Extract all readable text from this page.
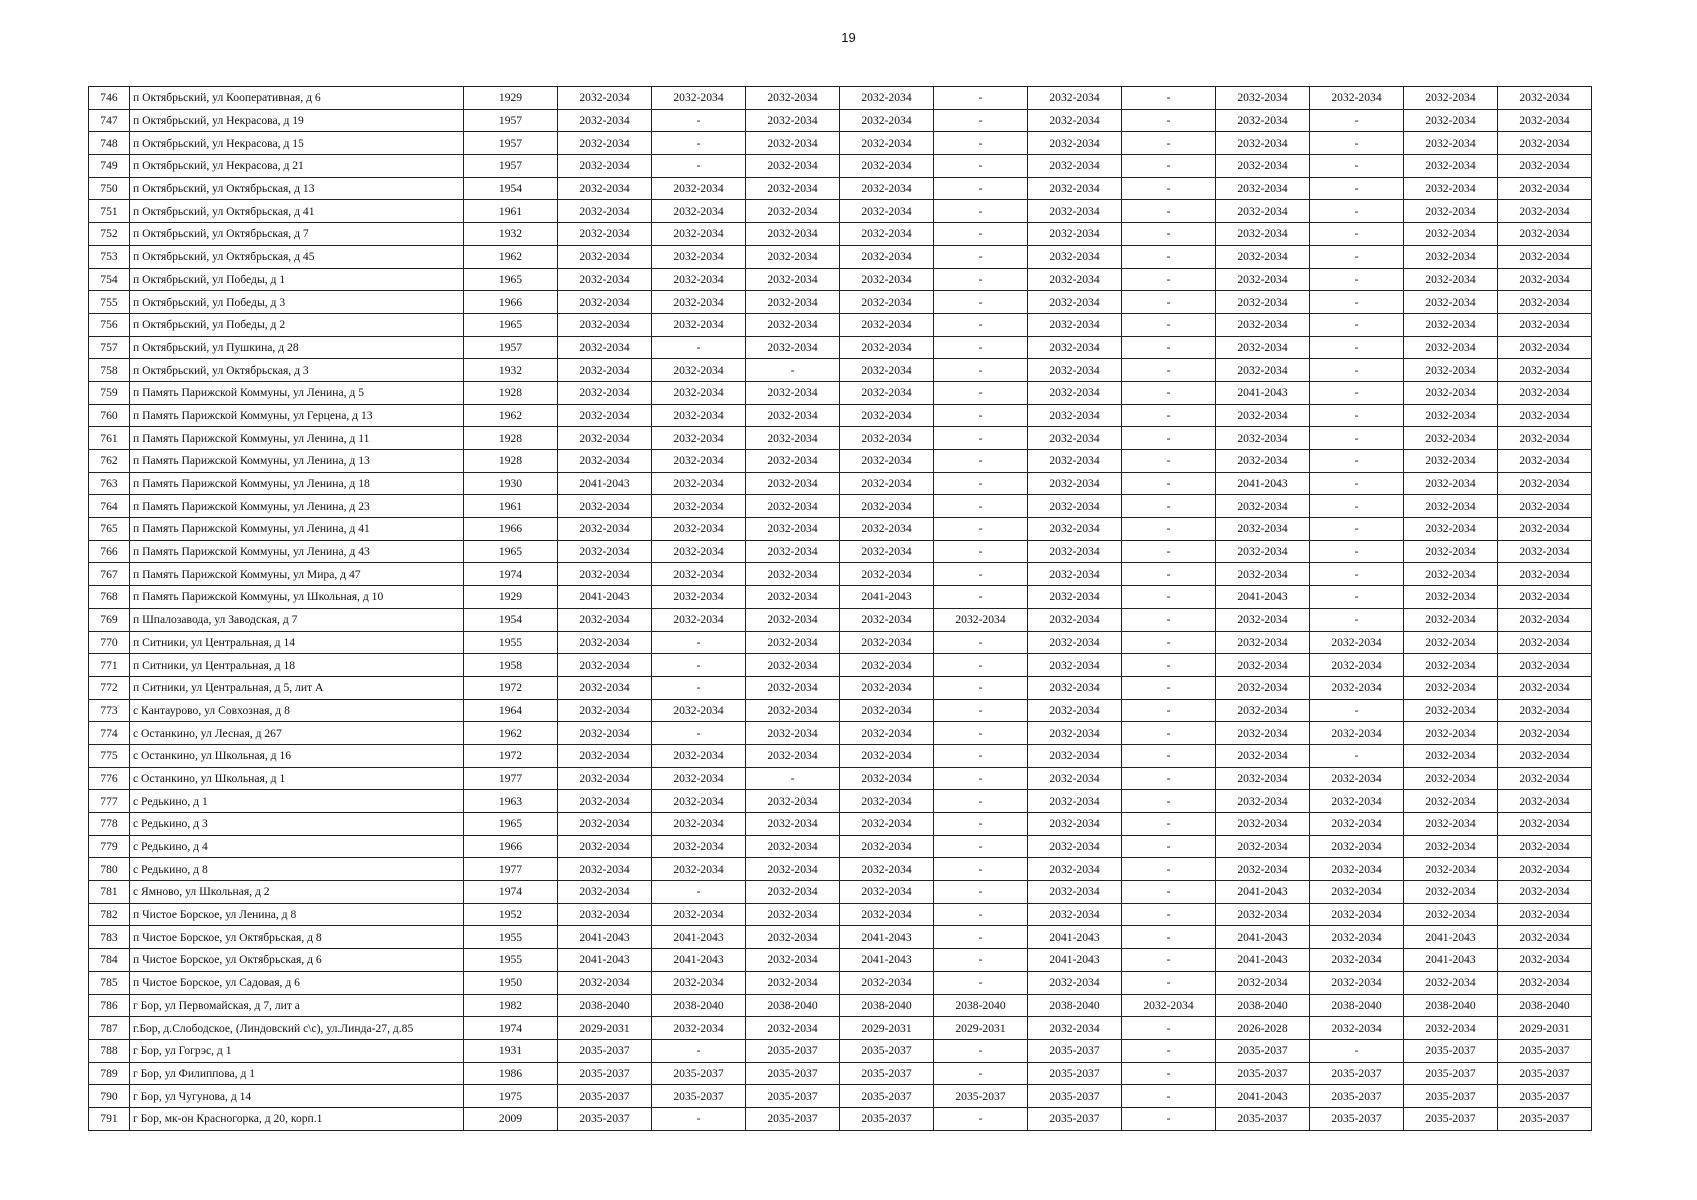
19
746	п Октябрьский, ул Кооперативная, д 6	1929	2032-2034	2032-2034	2032-2034	2032-2034	-	2032-2034	-	2032-2034	2032-2034	2032-2034	2032-2034
747	п Октябрьский, ул Некрасова, д 19	1957	2032-2034	-	2032-2034	2032-2034	-	2032-2034	-	2032-2034	-	2032-2034	2032-2034
748	п Октябрьский, ул Некрасова, д 15	1957	2032-2034	-	2032-2034	2032-2034	-	2032-2034	-	2032-2034	-	2032-2034	2032-2034
749	п Октябрьский, ул Некрасова, д 21	1957	2032-2034	-	2032-2034	2032-2034	-	2032-2034	-	2032-2034	-	2032-2034	2032-2034
750	п Октябрьский, ул Октябрьская, д 13	1954	2032-2034	2032-2034	2032-2034	2032-2034	-	2032-2034	-	2032-2034	-	2032-2034	2032-2034
751	п Октябрьский, ул Октябрьская, д 41	1961	2032-2034	2032-2034	2032-2034	2032-2034	-	2032-2034	-	2032-2034	-	2032-2034	2032-2034
752	п Октябрьский, ул Октябрьская, д 7	1932	2032-2034	2032-2034	2032-2034	2032-2034	-	2032-2034	-	2032-2034	-	2032-2034	2032-2034
753	п Октябрьский, ул Октябрьская, д 45	1962	2032-2034	2032-2034	2032-2034	2032-2034	-	2032-2034	-	2032-2034	-	2032-2034	2032-2034
754	п Октябрьский, ул Победы, д 1	1965	2032-2034	2032-2034	2032-2034	2032-2034	-	2032-2034	-	2032-2034	-	2032-2034	2032-2034
755	п Октябрьский, ул Победы, д 3	1966	2032-2034	2032-2034	2032-2034	2032-2034	-	2032-2034	-	2032-2034	-	2032-2034	2032-2034
756	п Октябрьский, ул Победы, д 2	1965	2032-2034	2032-2034	2032-2034	2032-2034	-	2032-2034	-	2032-2034	-	2032-2034	2032-2034
757	п Октябрьский, ул Пушкина, д 28	1957	2032-2034	-	2032-2034	2032-2034	-	2032-2034	-	2032-2034	-	2032-2034	2032-2034
758	п Октябрьский, ул Октябрьская, д 3	1932	2032-2034	2032-2034	-	2032-2034	-	2032-2034	-	2032-2034	-	2032-2034	2032-2034
759	п Память Парижской Коммуны, ул Ленина, д 5	1928	2032-2034	2032-2034	2032-2034	2032-2034	-	2032-2034	-	2041-2043	-	2032-2034	2032-2034
760	п Память Парижской Коммуны, ул Герцена, д 13	1962	2032-2034	2032-2034	2032-2034	2032-2034	-	2032-2034	-	2032-2034	-	2032-2034	2032-2034
761	п Память Парижской Коммуны, ул Ленина, д 11	1928	2032-2034	2032-2034	2032-2034	2032-2034	-	2032-2034	-	2032-2034	-	2032-2034	2032-2034
762	п Память Парижской Коммуны, ул Ленина, д 13	1928	2032-2034	2032-2034	2032-2034	2032-2034	-	2032-2034	-	2032-2034	-	2032-2034	2032-2034
763	п Память Парижской Коммуны, ул Ленина, д 18	1930	2041-2043	2032-2034	2032-2034	2032-2034	-	2032-2034	-	2041-2043	-	2032-2034	2032-2034
764	п Память Парижской Коммуны, ул Ленина, д 23	1961	2032-2034	2032-2034	2032-2034	2032-2034	-	2032-2034	-	2032-2034	-	2032-2034	2032-2034
765	п Память Парижской Коммуны, ул Ленина, д 41	1966	2032-2034	2032-2034	2032-2034	2032-2034	-	2032-2034	-	2032-2034	-	2032-2034	2032-2034
766	п Память Парижской Коммуны, ул Ленина, д 43	1965	2032-2034	2032-2034	2032-2034	2032-2034	-	2032-2034	-	2032-2034	-	2032-2034	2032-2034
767	п Память Парижской Коммуны, ул Мира, д 47	1974	2032-2034	2032-2034	2032-2034	2032-2034	-	2032-2034	-	2032-2034	-	2032-2034	2032-2034
768	п Память Парижской Коммуны, ул Школьная, д 10	1929	2041-2043	2032-2034	2032-2034	2041-2043	-	2032-2034	-	2041-2043	-	2032-2034	2032-2034
769	п Шпалозавода, ул Заводская, д 7	1954	2032-2034	2032-2034	2032-2034	2032-2034	2032-2034	2032-2034	-	2032-2034	-	2032-2034	2032-2034
770	п Ситники, ул Центральная, д 14	1955	2032-2034	-	2032-2034	2032-2034	-	2032-2034	-	2032-2034	2032-2034	2032-2034	2032-2034
771	п Ситники, ул Центральная, д 18	1958	2032-2034	-	2032-2034	2032-2034	-	2032-2034	-	2032-2034	2032-2034	2032-2034	2032-2034
772	п Ситники, ул Центральная, д 5, лит А	1972	2032-2034	-	2032-2034	2032-2034	-	2032-2034	-	2032-2034	2032-2034	2032-2034	2032-2034
773	с Кантаурово, ул Совхозная, д 8	1964	2032-2034	2032-2034	2032-2034	2032-2034	-	2032-2034	-	2032-2034	-	2032-2034	2032-2034
774	с Останкино, ул Лесная, д 267	1962	2032-2034	-	2032-2034	2032-2034	-	2032-2034	-	2032-2034	2032-2034	2032-2034	2032-2034
775	с Останкино, ул Школьная, д 16	1972	2032-2034	2032-2034	2032-2034	2032-2034	-	2032-2034	-	2032-2034	-	2032-2034	2032-2034
776	с Останкино, ул Школьная, д 1	1977	2032-2034	2032-2034	-	2032-2034	-	2032-2034	-	2032-2034	2032-2034	2032-2034	2032-2034
777	с Редькино, д 1	1963	2032-2034	2032-2034	2032-2034	2032-2034	-	2032-2034	-	2032-2034	2032-2034	2032-2034	2032-2034
778	с Редькино, д 3	1965	2032-2034	2032-2034	2032-2034	2032-2034	-	2032-2034	-	2032-2034	2032-2034	2032-2034	2032-2034
779	с Редькино, д 4	1966	2032-2034	2032-2034	2032-2034	2032-2034	-	2032-2034	-	2032-2034	2032-2034	2032-2034	2032-2034
780	с Редькино, д 8	1977	2032-2034	2032-2034	2032-2034	2032-2034	-	2032-2034	-	2032-2034	2032-2034	2032-2034	2032-2034
781	с Ямново, ул Школьная, д 2	1974	2032-2034	-	2032-2034	2032-2034	-	2032-2034	-	2041-2043	2032-2034	2032-2034	2032-2034
782	п Чистое Борское, ул Ленина, д 8	1952	2032-2034	2032-2034	2032-2034	2032-2034	-	2032-2034	-	2032-2034	2032-2034	2032-2034	2032-2034
783	п Чистое Борское, ул Октябрьская, д 8	1955	2041-2043	2041-2043	2032-2034	2041-2043	-	2041-2043	-	2041-2043	2032-2034	2041-2043	2032-2034
784	п Чистое Борское, ул Октябрьская, д 6	1955	2041-2043	2041-2043	2032-2034	2041-2043	-	2041-2043	-	2041-2043	2032-2034	2041-2043	2032-2034
785	п Чистое Борское, ул Садовая, д 6	1950	2032-2034	2032-2034	2032-2034	2032-2034	-	2032-2034	-	2032-2034	2032-2034	2032-2034	2032-2034
786	г Бор, ул Первомайская, д 7, лит а	1982	2038-2040	2038-2040	2038-2040	2038-2040	2038-2040	2038-2040	2032-2034	2038-2040	2038-2040	2038-2040	2038-2040
787	г.Бор, д.Слободское, (Линдовский с\с), ул.Линда-27, д.85	1974	2029-2031	2032-2034	2032-2034	2029-2031	2029-2031	2032-2034	-	2026-2028	2032-2034	2032-2034	2029-2031
788	г Бор, ул Гогрэс, д 1	1931	2035-2037	-	2035-2037	2035-2037	-	2035-2037	-	2035-2037	-	2035-2037	2035-2037
789	г Бор, ул Филиппова, д 1	1986	2035-2037	2035-2037	2035-2037	2035-2037	-	2035-2037	-	2035-2037	2035-2037	2035-2037	2035-2037
790	г Бор, ул Чугунова, д 14	1975	2035-2037	2035-2037	2035-2037	2035-2037	2035-2037	2035-2037	-	2041-2043	2035-2037	2035-2037	2035-2037
791	г Бор, мк-он Красногорка, д 20, корп.1	2009	2035-2037	-	2035-2037	2035-2037	-	2035-2037	-	2035-2037	2035-2037	2035-2037	2035-2037
